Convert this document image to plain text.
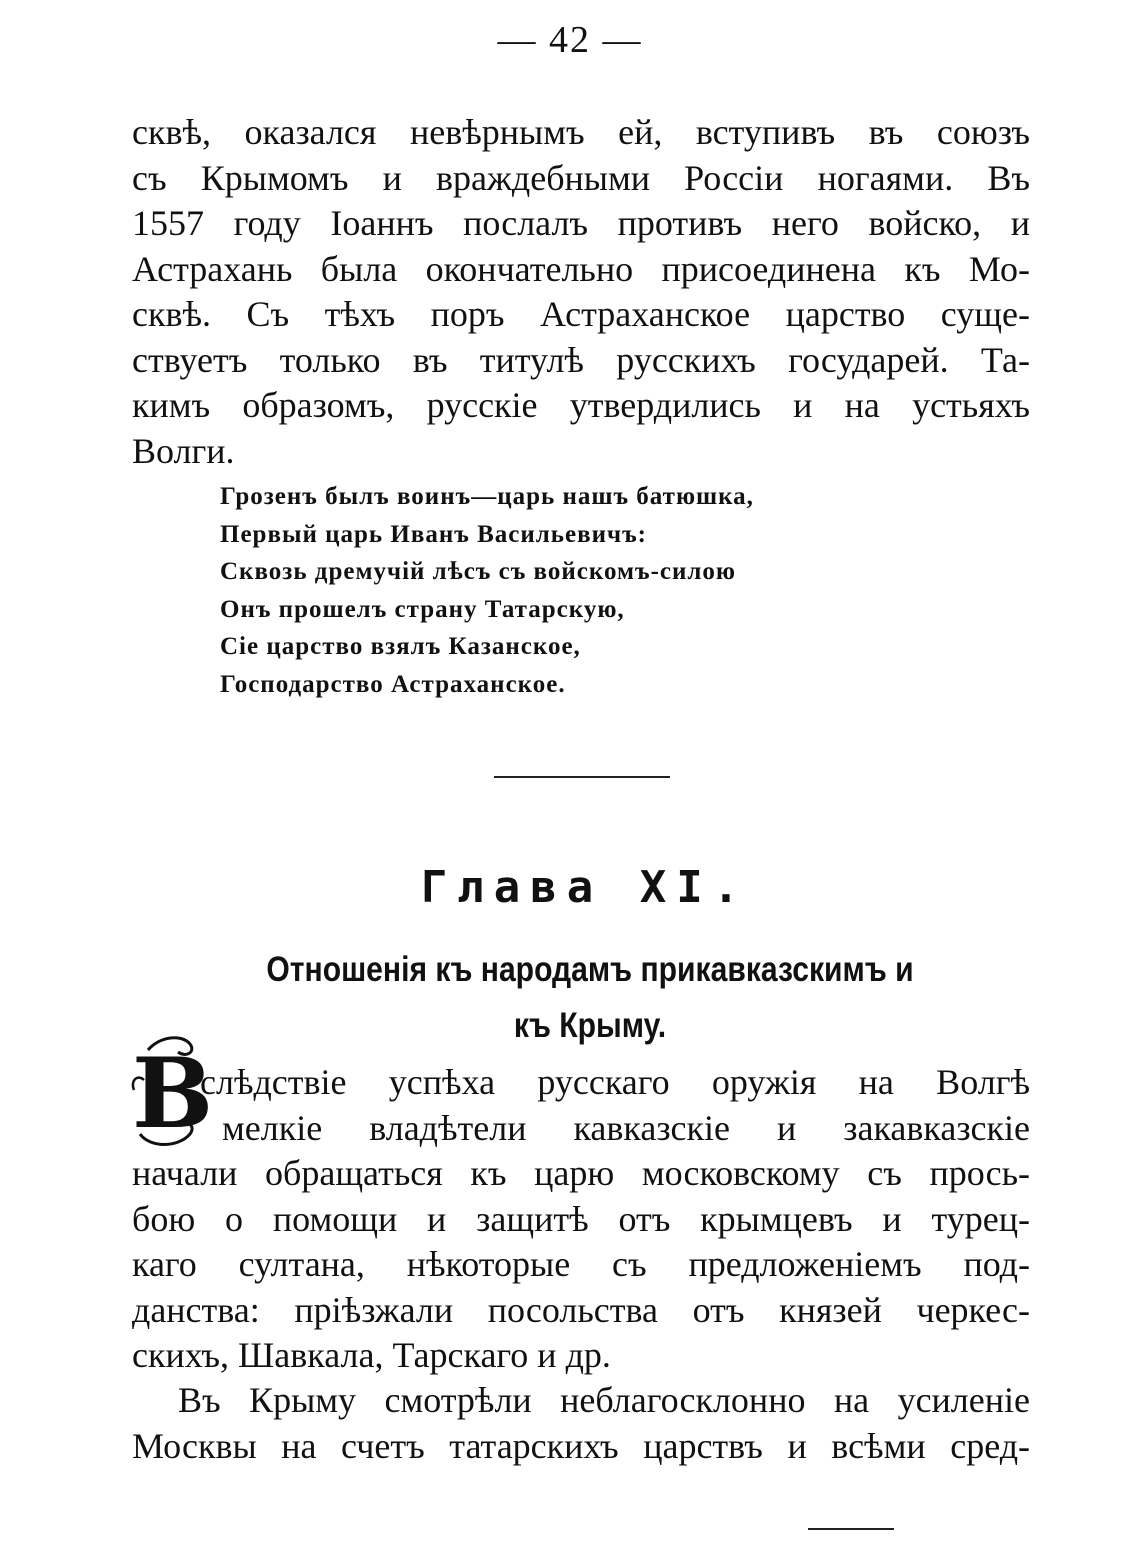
— 42 —

сквѣ, оказался невѣрнымъ ей, вступивъ въ союзъ
съ Крымомъ и враждебными Россіи ногаями. Въ
1557 году Іоаннъ послалъ противъ него войско, и
Астрахань была окончательно присоединена къ Мо-
сквѣ. Съ тѣхъ поръ Астраханское царство суще-
ствуетъ только въ титулѣ русскихъ государей. Та-
кимъ образомъ, русскіе утвердились и на устьяхъ
Волги.

Грозенъ былъ воинъ—царь нашъ батюшка,
Первый царь Иванъ Васильевичъ:
Сквозь дремучій лѣсъ съ войскомъ-силою
Онъ прошелъ страну Татарскую,
Сіе царство взялъ Казанское,
Господарство Астраханское.
Глава XI.
Отношенія къ народамъ прикавказскимъ и
къ Крыму.
В

слѣдствіе успѣха русскаго оружія на Волгѣ
мелкіе владѣтели кавказскіе и закавказскіе
начали обращаться къ царю московскому съ прось-
бою о помощи и защитѣ отъ крымцевъ и турец-
каго султана, нѣкоторые съ предложеніемъ под-
данства: пріѣзжали посольства отъ князей черкес-
скихъ, Шавкала, Тарскаго и др.

Въ Крыму смотрѣли неблагосклонно на усиленіе
Москвы на счетъ татарскихъ царствъ и всѣми сред-
